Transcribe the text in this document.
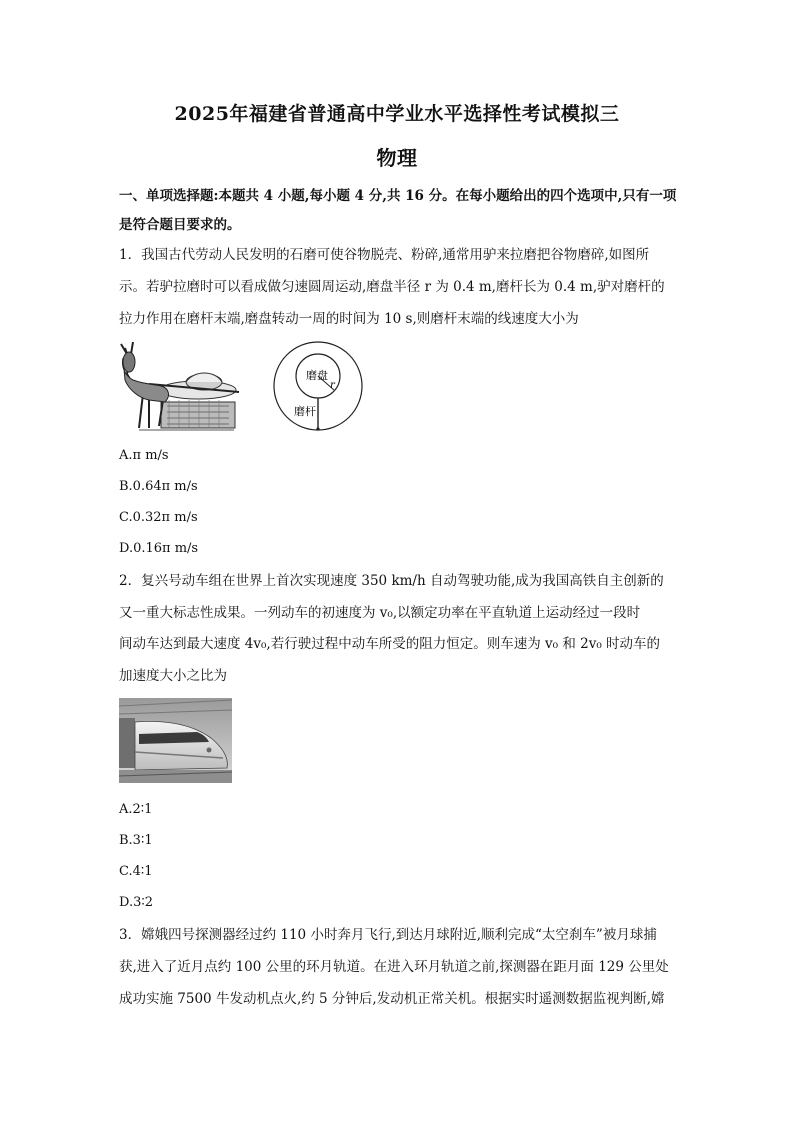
2025年福建省普通高中学业水平选择性考试模拟三
物理
一、单项选择题:本题共 4 小题,每小题 4 分,共 16 分。在每小题给出的四个选项中,只有一项
是符合题目要求的。
1．我国古代劳动人民发明的石磨可使谷物脱壳、粉碎,通常用驴来拉磨把谷物磨碎,如图所
示。若驴拉磨时可以看成做匀速圆周运动,磨盘半径 r 为 0.4 m,磨杆长为 0.4 m,驴对磨杆的
拉力作用在磨杆末端,磨盘转动一周的时间为 10 s,则磨杆末端的线速度大小为
磨盘
r
磨杆
A.π m/s
B.0.64π m/s
C.0.32π m/s
D.0.16π m/s
2．复兴号动车组在世界上首次实现速度 350 km/h 自动驾驶功能,成为我国高铁自主创新的
又一重大标志性成果。一列动车的初速度为 v₀,以额定功率在平直轨道上运动经过一段时
间动车达到最大速度 4v₀,若行驶过程中动车所受的阻力恒定。则车速为 v₀ 和 2v₀ 时动车的
加速度大小之比为
A.2∶1
B.3∶1
C.4∶1
D.3∶2
3．嫦娥四号探测器经过约 110 小时奔月飞行,到达月球附近,顺利完成“太空刹车”被月球捕
获,进入了近月点约 100 公里的环月轨道。在进入环月轨道之前,探测器在距月面 129 公里处
成功实施 7500 牛发动机点火,约 5 分钟后,发动机正常关机。根据实时遥测数据监视判断,嫦
